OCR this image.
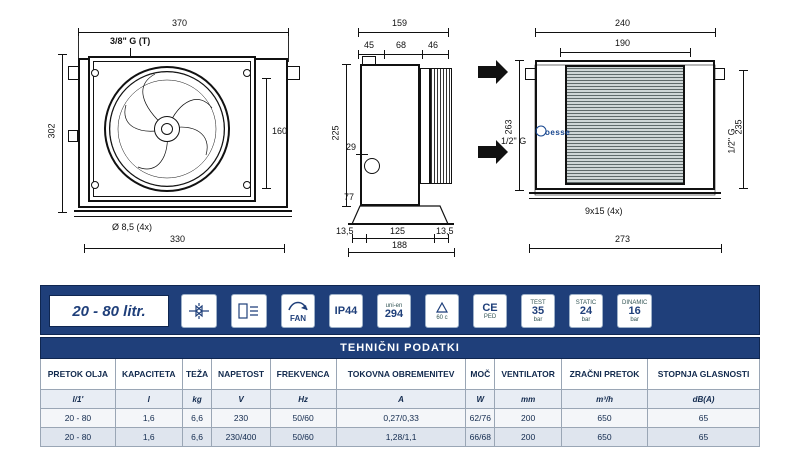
370
3/8" G (T)
302	160
Ø 8,5 (4x)
330
159
45 68 46
225
29
77
13,5	125	13,5
188
240
190
oesse
263
1/2" G
235
1/2" G
9x15 (4x)
273
20 - 80 litr.	FAN
IP44	uni-en
294	60 c
CE
PED
TEST
35
bar
STATIC
24
bar
DINAMIC
16
bar
TEHNIČNI PODATKI									
PRETOK OLJA	KAPACITETA	TEŽA	NAPETOST	FREKVENCA	TOKOVNA OBREMENITEV	MOČ	VENTILATOR	ZRAČNI PRETOK	STOPNJA GLASNOSTI
l/1'	l	kg	V	Hz	A	W	mm	m³/h	dB(A)
20 - 80	1,6	6,6	230	50/60	0,27/0,33	62/76	200	650	65
20 - 80	1,6	6,6	230/400	50/60	1,28/1,1	66/68	200	650	65
